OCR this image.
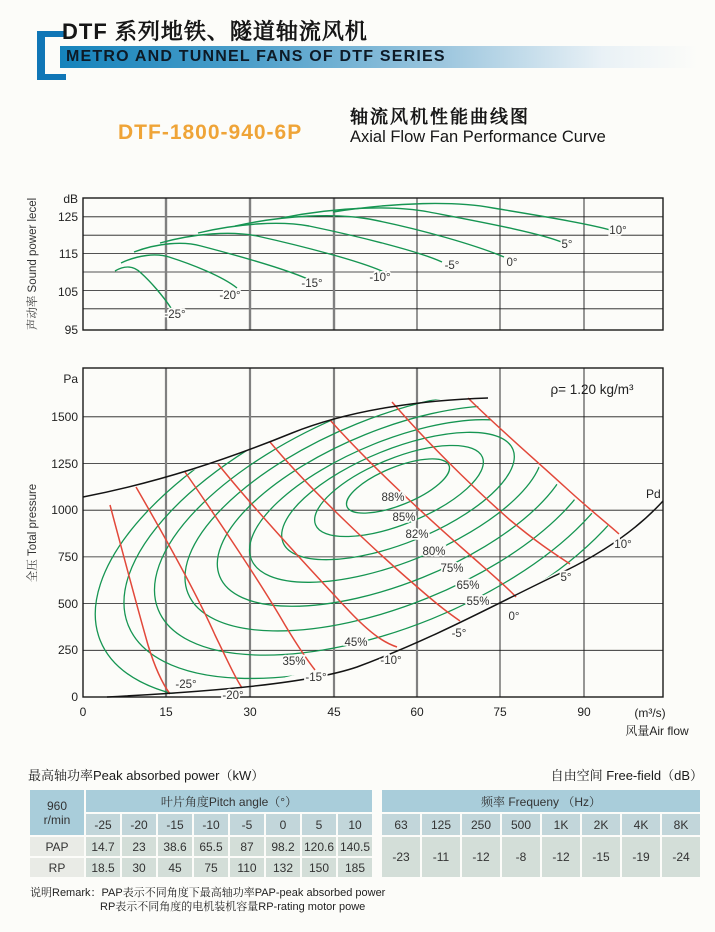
DTF 系列地铁、隧道轴流风机
METRO AND TUNNEL FANS OF DTF SERIES
DTF-1800-940-6P
轴流风机性能曲线图
Axial Flow Fan Performance Curve
-25°
-20°
-15°	-10°
-5°	0°
5°
10°
dB
125
115
105
95
声动率 Sound power lecel
88%
85%
82%
80%
75%
65%
55%
45%
35%
-25°
-20°
-15°
-10°
-5°
0°
5°
10°
ρ= 1.20 kg/m³
Pd
Pa
1500
1250
1000
750
500
250
0
全压 Total pressure
0	15	30	45	60	75	90	(m³/s)
风量Air flow
最高轴功率Peak absorbed power（kW）	自由空间 Free-field（dB）
960
r/min	叶片角度Pitch angle（°）							
	-25	-20	-15	-10	-5	0	5	10
PAP	14.7	23	38.6	65.5	87	98.2	120.6	140.5
RP	18.5	30	45	75	110	132	150	185
频率 Frequeny （Hz）							
63	125	250	500	1K	2K	4K	8K
-23	-11	-12	-8	-12	-15	-19	-24
说明Remark：PAP表示不同角度下最高轴功率PAP-peak absorbed power
RP表示不同角度的电机装机容量RP-rating motor powe
